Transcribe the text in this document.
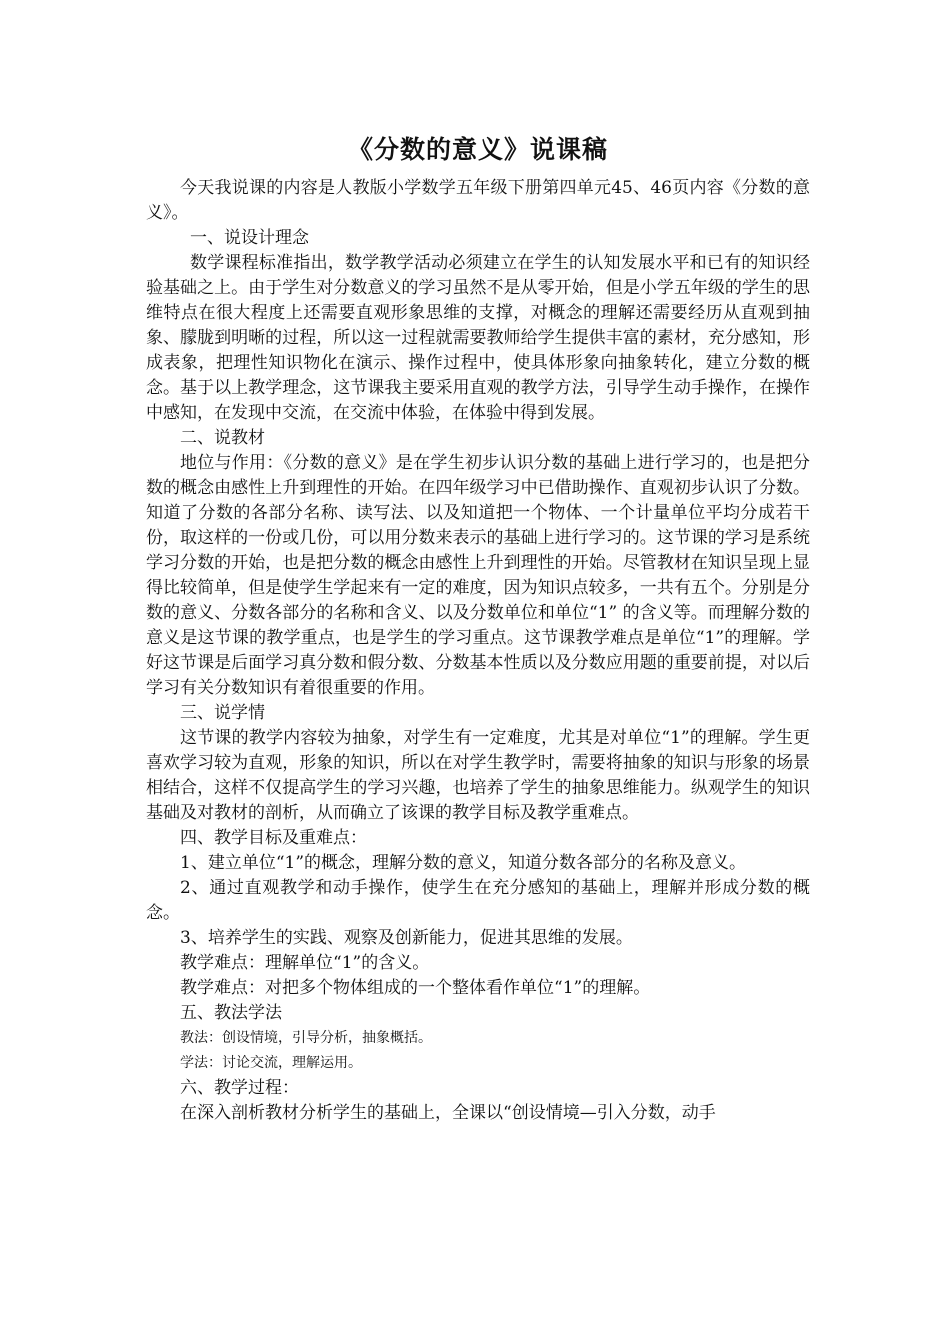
《分数的意义》说课稿

今天我说课的内容是人教版小学数学五年级下册第四单元45、46页内容《分数的意义》。

一、说设计理念

数学课程标准指出，数学教学活动必须建立在学生的认知发展水平和已有的知识经验基础之上。由于学生对分数意义的学习虽然不是从零开始，但是小学五年级的学生的思维特点在很大程度上还需要直观形象思维的支撑，对概念的理解还需要经历从直观到抽象、朦胧到明晰的过程，所以这一过程就需要教师给学生提供丰富的素材，充分感知，形成表象，把理性知识物化在演示、操作过程中，使具体形象向抽象转化，建立分数的概念。基于以上教学理念，这节课我主要采用直观的教学方法，引导学生动手操作，在操作中感知，在发现中交流，在交流中体验，在体验中得到发展。

二、说教材

地位与作用：《分数的意义》是在学生初步认识分数的基础上进行学习的，也是把分数的概念由感性上升到理性的开始。在四年级学习中已借助操作、直观初步认识了分数。知道了分数的各部分名称、读写法、以及知道把一个物体、一个计量单位平均分成若干份，取这样的一份或几份，可以用分数来表示的基础上进行学习的。这节课的学习是系统学习分数的开始，也是把分数的概念由感性上升到理性的开始。尽管教材在知识呈现上显得比较简单，但是使学生学起来有一定的难度，因为知识点较多，一共有五个。分别是分数的意义、分数各部分的名称和含义、以及分数单位和单位“1” 的含义等。而理解分数的意义是这节课的教学重点，也是学生的学习重点。这节课教学难点是单位“1”的理解。学好这节课是后面学习真分数和假分数、分数基本性质以及分数应用题的重要前提，对以后学习有关分数知识有着很重要的作用。

三、说学情

这节课的教学内容较为抽象，对学生有一定难度，尤其是对单位“1”的理解。学生更喜欢学习较为直观，形象的知识，所以在对学生教学时，需要将抽象的知识与形象的场景相结合，这样不仅提高学生的学习兴趣，也培养了学生的抽象思维能力。纵观学生的知识基础及对教材的剖析，从而确立了该课的教学目标及教学重难点。

四、教学目标及重难点：

1、建立单位“1”的概念，理解分数的意义，知道分数各部分的名称及意义。

2、通过直观教学和动手操作，使学生在充分感知的基础上，理解并形成分数的概念。

3、培养学生的实践、观察及创新能力，促进其思维的发展。

教学难点：理解单位“1”的含义。

教学难点：对把多个物体组成的一个整体看作单位“1”的理解。

五、教法学法

教法：创设情境，引导分析，抽象概括。

学法：讨论交流，理解运用。

六、教学过程：

在深入剖析教材分析学生的基础上，全课以“创设情境—引入分数，动手
